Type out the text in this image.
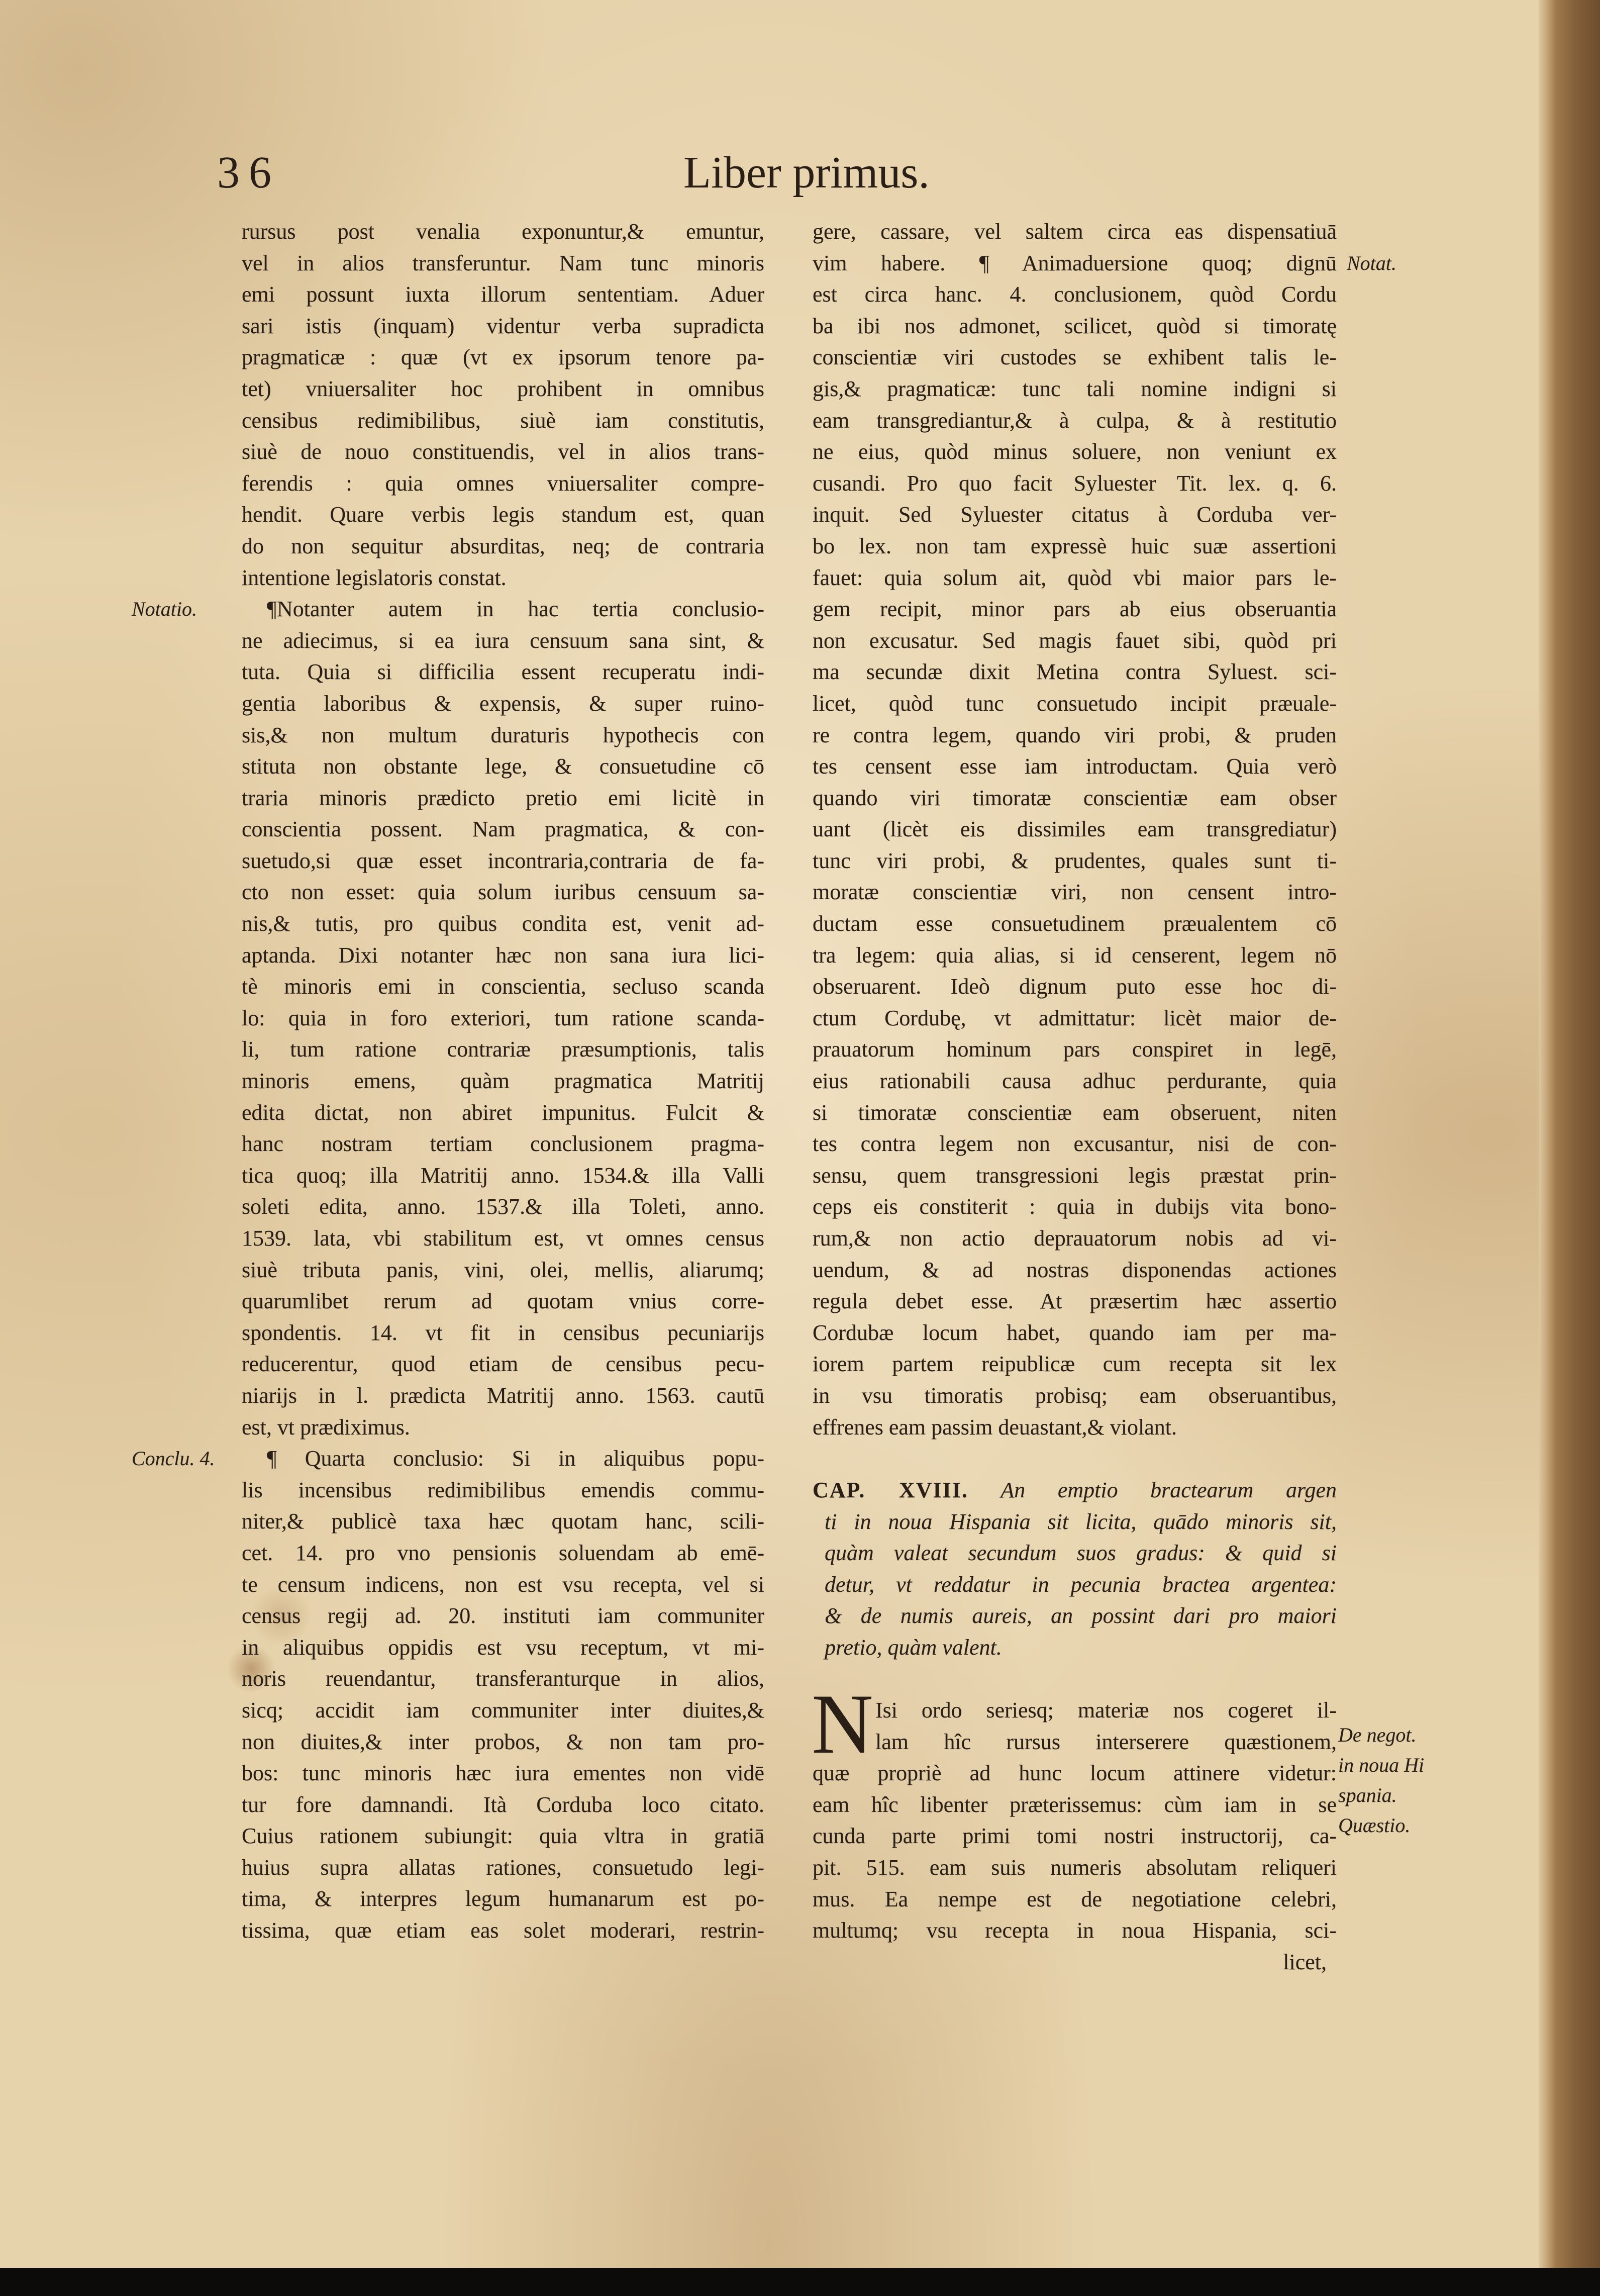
36	Liber primus.
Notatio.
Conclu. 4.
Notat.
De negot.
in noua Hi
spania.
Quæstio.
rursus post venalia exponuntur,& emuntur,
vel in alios transferuntur. Nam tunc minoris
emi possunt iuxta illorum sententiam. Aduer
sari istis (inquam) videntur verba supradicta
pragmaticæ : quæ (vt ex ipsorum tenore pa-
tet) vniuersaliter hoc prohibent in omnibus
censibus redimibilibus, siuè iam constitutis,
siuè de nouo constituendis, vel in alios trans-
ferendis : quia omnes vniuersaliter compre-
hendit. Quare verbis legis standum est, quan
do non sequitur absurditas, neq; de contraria
intentione legislatoris constat.
¶Notanter autem in hac tertia conclusio-
ne adiecimus, si ea iura censuum sana sint, &
tuta. Quia si difficilia essent recuperatu indi-
gentia laboribus & expensis, & super ruino-
sis,& non multum duraturis hypothecis con
stituta non obstante lege, & consuetudine cō
traria minoris prædicto pretio emi licitè in
conscientia possent. Nam pragmatica, & con-
suetudo,si quæ esset incontraria,contraria de fa-
cto non esset: quia solum iuribus censuum sa-
nis,& tutis, pro quibus condita est, venit ad-
aptanda. Dixi notanter hæc non sana iura lici-
tè minoris emi in conscientia, secluso scanda
lo: quia in foro exteriori, tum ratione scanda-
li, tum ratione contrariæ præsumptionis, talis
minoris emens, quàm pragmatica Matritij
edita dictat, non abiret impunitus. Fulcit &
hanc nostram tertiam conclusionem pragma-
tica quoq; illa Matritij anno. 1534.& illa Valli
soleti edita, anno. 1537.& illa Toleti, anno.
1539. lata, vbi stabilitum est, vt omnes census
siuè tributa panis, vini, olei, mellis, aliarumq;
quarumlibet rerum ad quotam vnius corre-
spondentis. 14. vt fit in censibus pecuniarijs
reducerentur, quod etiam de censibus pecu-
niarijs in l. prædicta Matritij anno. 1563. cautū
est, vt prædiximus.
¶ Quarta conclusio: Si in aliquibus popu-
lis incensibus redimibilibus emendis commu-
niter,& publicè taxa hæc quotam hanc, scili-
cet. 14. pro vno pensionis soluendam ab emē-
te censum indicens, non est vsu recepta, vel si
census regij ad. 20. instituti iam communiter
in aliquibus oppidis est vsu receptum, vt mi-
noris reuendantur, transferanturque in alios,
sicq; accidit iam communiter inter diuites,&
non diuites,& inter probos, & non tam pro-
bos: tunc minoris hæc iura ementes non vidē
tur fore damnandi. Ità Corduba loco citato.
Cuius rationem subiungit: quia vltra in gratiā
huius supra allatas rationes, consuetudo legi-
tima, & interpres legum humanarum est po-
tissima, quæ etiam eas solet moderari, restrin-
gere, cassare, vel saltem circa eas dispensatiuā
vim habere. ¶ Animaduersione quoq; dignū
est circa hanc. 4. conclusionem, quòd Cordu
ba ibi nos admonet, scilicet, quòd si timoratę
conscientiæ viri custodes se exhibent talis le-
gis,& pragmaticæ: tunc tali nomine indigni si
eam transgrediantur,& à culpa, & à restitutio
ne eius, quòd minus soluere, non veniunt ex
cusandi. Pro quo facit Syluester Tit. lex. q. 6.
inquit. Sed Syluester citatus à Corduba ver-
bo lex. non tam expressè huic suæ assertioni
fauet: quia solum ait, quòd vbi maior pars le-
gem recipit, minor pars ab eius obseruantia
non excusatur. Sed magis fauet sibi, quòd pri
ma secundæ dixit Metina contra Syluest. sci-
licet, quòd tunc consuetudo incipit præuale-
re contra legem, quando viri probi, & pruden
tes censent esse iam introductam. Quia verò
quando viri timoratæ conscientiæ eam obser
uant (licèt eis dissimiles eam transgrediatur)
tunc viri probi, & prudentes, quales sunt ti-
moratæ conscientiæ viri, non censent intro-
ductam esse consuetudinem præualentem cō
tra legem: quia alias, si id censerent, legem nō
obseruarent. Ideò dignum puto esse hoc di-
ctum Cordubę, vt admittatur: licèt maior de-
prauatorum hominum pars conspiret in legē,
eius rationabili causa adhuc perdurante, quia
si timoratæ conscientiæ eam obseruent, niten
tes contra legem non excusantur, nisi de con-
sensu, quem transgressioni legis præstat prin-
ceps eis constiterit : quia in dubijs vita bono-
rum,& non actio deprauatorum nobis ad vi-
uendum, & ad nostras disponendas actiones
regula debet esse. At præsertim hæc assertio
Cordubæ locum habet, quando iam per ma-
iorem partem reipublicæ cum recepta sit lex
in vsu timoratis probisq; eam obseruantibus,
effrenes eam passim deuastant,& violant.
CAP. XVIII. An emptio bractearum argen
ti in noua Hispania sit licita, quādo minoris sit,
quàm valeat secundum suos gradus: & quid si
detur, vt reddatur in pecunia bractea argentea:
& de numis aureis, an possint dari pro maiori
pretio, quàm valent.
N Isi ordo seriesq; materiæ nos cogeret il-
lam hîc rursus interserere quæstionem,
quæ propriè ad hunc locum attinere videtur:
eam hîc libenter præterissemus: cùm iam in se
cunda parte primi tomi nostri instructorij, ca-
pit. 515. eam suis numeris absolutam reliqueri
mus. Ea nempe est de negotiatione celebri,
multumq; vsu recepta in noua Hispania, sci-
licet,
